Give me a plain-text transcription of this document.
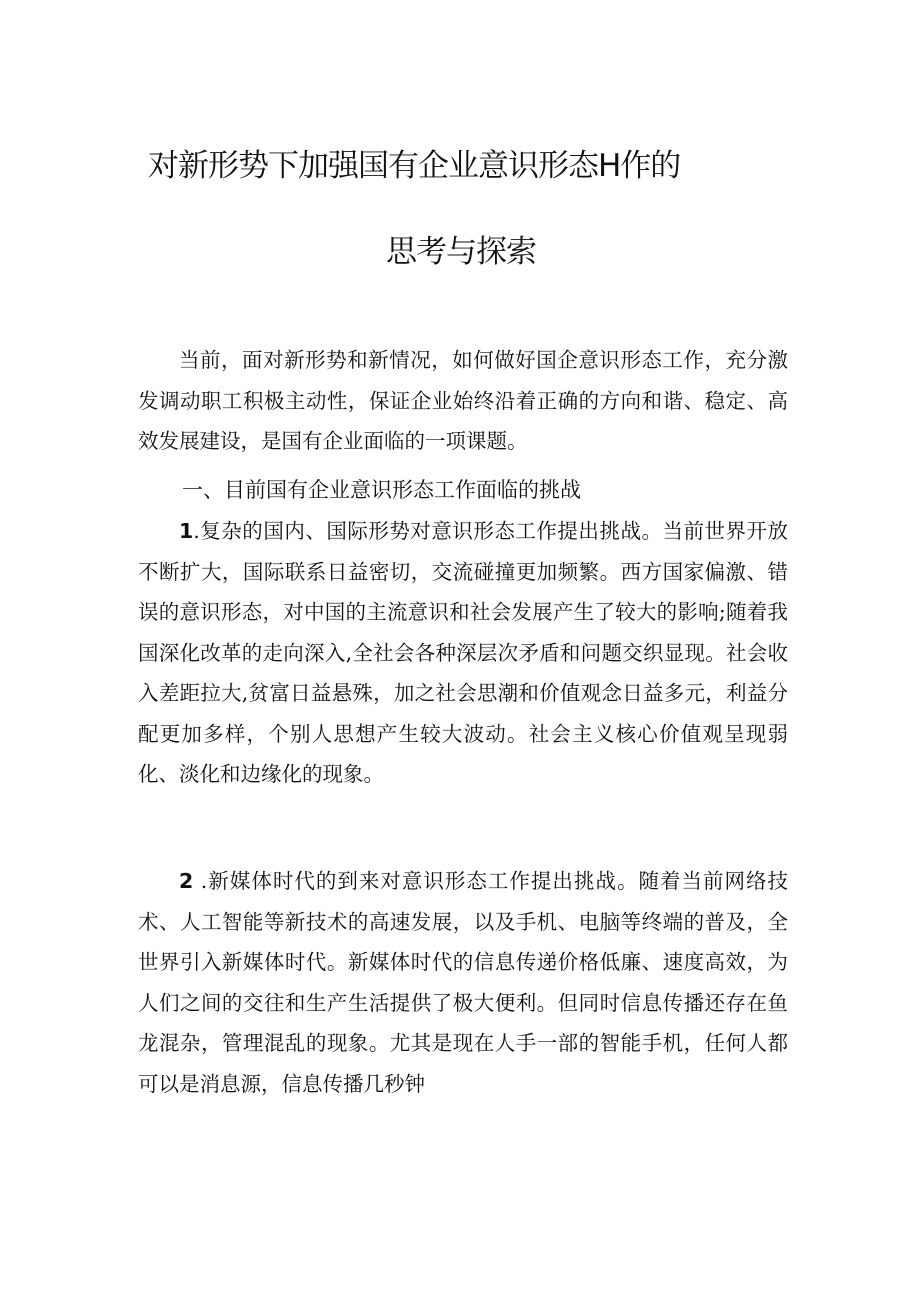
对新形势下加强国有企业意识形态H作的
思考与探索

当前，面对新形势和新情况，如何做好国企意识形态工作，充分激发调动职工积极主动性，保证企业始终沿着正确的方向和谐、稳定、高效发展建设，是国有企业面临的一项课题。

一、目前国有企业意识形态工作面临的挑战

1.复杂的国内、国际形势对意识形态工作提出挑战。当前世界开放不断扩大，国际联系日益密切，交流碰撞更加频繁。西方国家偏激、错误的意识形态，对中国的主流意识和社会发展产生了较大的影响;随着我国深化改革的走向深入,全社会各种深层次矛盾和问题交织显现。社会收入差距拉大,贫富日益悬殊，加之社会思潮和价值观念日益多元，利益分配更加多样，个别人思想产生较大波动。社会主义核心价值观呈现弱化、淡化和边缘化的现象。

2 .新媒体时代的到来对意识形态工作提出挑战。随着当前网络技术、人工智能等新技术的高速发展，以及手机、电脑等终端的普及，全世界引入新媒体时代。新媒体时代的信息传递价格低廉、速度高效，为人们之间的交往和生产生活提供了极大便利。但同时信息传播还存在鱼龙混杂，管理混乱的现象。尤其是现在人手一部的智能手机，任何人都可以是消息源，信息传播几秒钟
